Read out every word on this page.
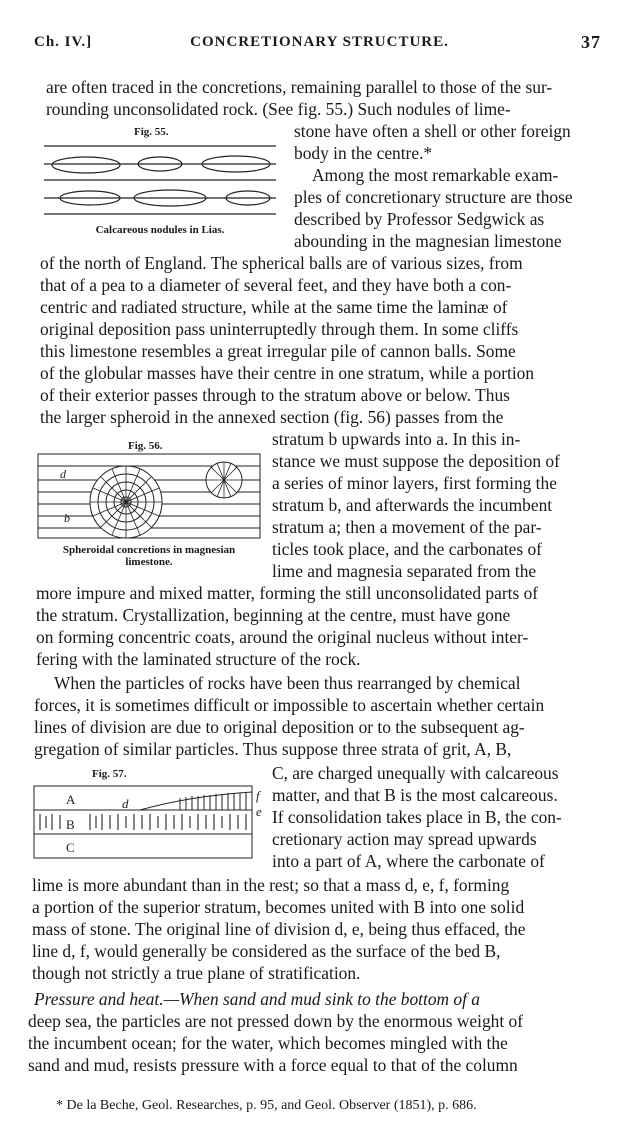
Ch. IV.]	CONCRETIONARY STRUCTURE.	37
Fig. 55.
Calcareous nodules in Lias.
Fig. 56.
d
b
Spheroidal concretions in magnesian
limestone.
Fig. 57.
A
B
C
d
f
e
are often traced in the concretions, remaining parallel to those of the sur-
rounding unconsolidated rock. (See fig. 55.) Such nodules of lime-
stone have often a shell or other foreign
body in the centre.*
Among the most remarkable exam-
ples of concretionary structure are those
described by Professor Sedgwick as
abounding in the magnesian limestone
of the north of England. The spherical balls are of various sizes, from
that of a pea to a diameter of several feet, and they have both a con-
centric and radiated structure, while at the same time the laminæ of
original deposition pass uninterruptedly through them. In some cliffs
this limestone resembles a great irregular pile of cannon balls. Some
of the globular masses have their centre in one stratum, while a portion
of their exterior passes through to the stratum above or below. Thus
the larger spheroid in the annexed section (fig. 56) passes from the
stratum b upwards into a. In this in-
stance we must suppose the deposition of
a series of minor layers, first forming the
stratum b, and afterwards the incumbent
stratum a; then a movement of the par-
ticles took place, and the carbonates of
lime and magnesia separated from the
more impure and mixed matter, forming the still unconsolidated parts of
the stratum. Crystallization, beginning at the centre, must have gone
on forming concentric coats, around the original nucleus without inter-
fering with the laminated structure of the rock.
When the particles of rocks have been thus rearranged by chemical
forces, it is sometimes difficult or impossible to ascertain whether certain
lines of division are due to original deposition or to the subsequent ag-
gregation of similar particles. Thus suppose three strata of grit, A, B,
C, are charged unequally with calcareous
matter, and that B is the most calcareous.
If consolidation takes place in B, the con-
cretionary action may spread upwards
into a part of A, where the carbonate of
lime is more abundant than in the rest; so that a mass d, e, f, forming
a portion of the superior stratum, becomes united with B into one solid
mass of stone. The original line of division d, e, being thus effaced, the
line d, f, would generally be considered as the surface of the bed B,
though not strictly a true plane of stratification.
Pressure and heat.—When sand and mud sink to the bottom of a
deep sea, the particles are not pressed down by the enormous weight of
the incumbent ocean; for the water, which becomes mingled with the
sand and mud, resists pressure with a force equal to that of the column
* De la Beche, Geol. Researches, p. 95, and Geol. Observer (1851), p. 686.
